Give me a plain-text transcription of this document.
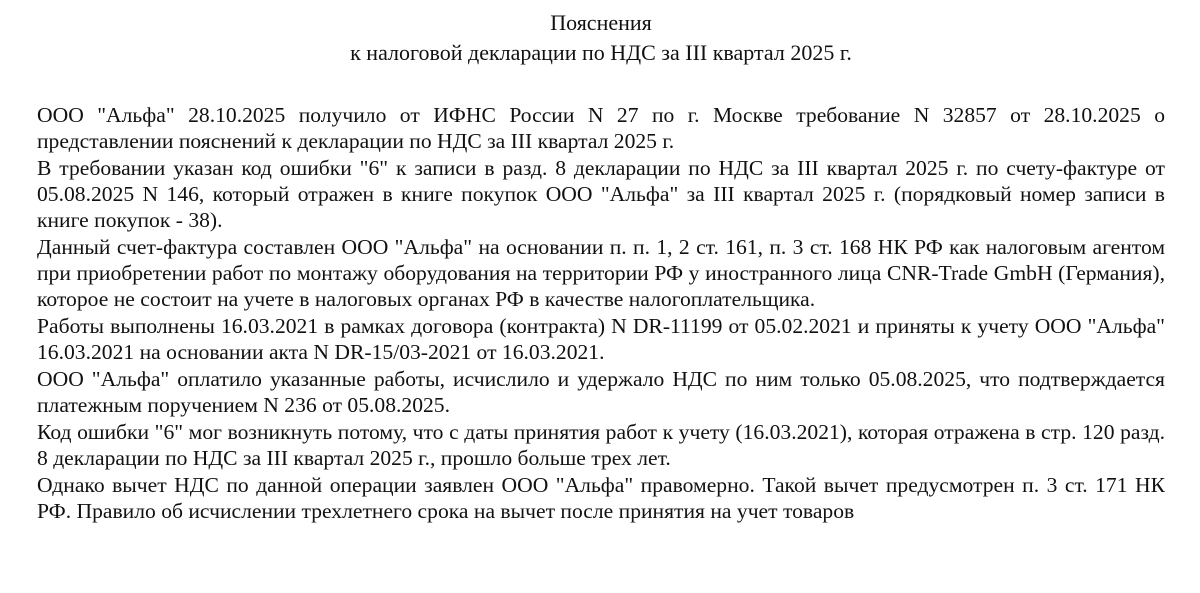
Пояснения

к налоговой декларации по НДС за III квартал 2025 г.

ООО "Альфа" 28.10.2025 получило от ИФНС России N 27 по г. Москве требование N 32857 от 28.10.2025 о представлении пояснений к декларации по НДС за III квартал 2025 г.

В требовании указан код ошибки "6" к записи в разд. 8 декларации по НДС за III квартал 2025 г. по счету-фактуре от 05.08.2025 N 146, который отражен в книге покупок ООО "Альфа" за III квартал 2025 г. (порядковый номер записи в книге покупок - 38).

Данный счет-фактура составлен ООО "Альфа" на основании п. п. 1, 2 ст. 161, п. 3 ст. 168 НК РФ как налоговым агентом при приобретении работ по монтажу оборудования на территории РФ у иностранного лица CNR-Trade GmbH (Германия), которое не состоит на учете в налоговых органах РФ в качестве налогоплательщика.

Работы выполнены 16.03.2021 в рамках договора (контракта) N DR-11199 от 05.02.2021 и приняты к учету ООО "Альфа" 16.03.2021 на основании акта N DR-15/03-2021 от 16.03.2021.

ООО "Альфа" оплатило указанные работы, исчислило и удержало НДС по ним только 05.08.2025, что подтверждается платежным поручением N 236 от 05.08.2025.

Код ошибки "6" мог возникнуть потому, что с даты принятия работ к учету (16.03.2021), которая отражена в стр. 120 разд. 8 декларации по НДС за III квартал 2025 г., прошло больше трех лет.

Однако вычет НДС по данной операции заявлен ООО "Альфа" правомерно. Такой вычет предусмотрен п. 3 ст. 171 НК РФ. Правило об исчислении трехлетнего срока на вычет после принятия на учет товаров
